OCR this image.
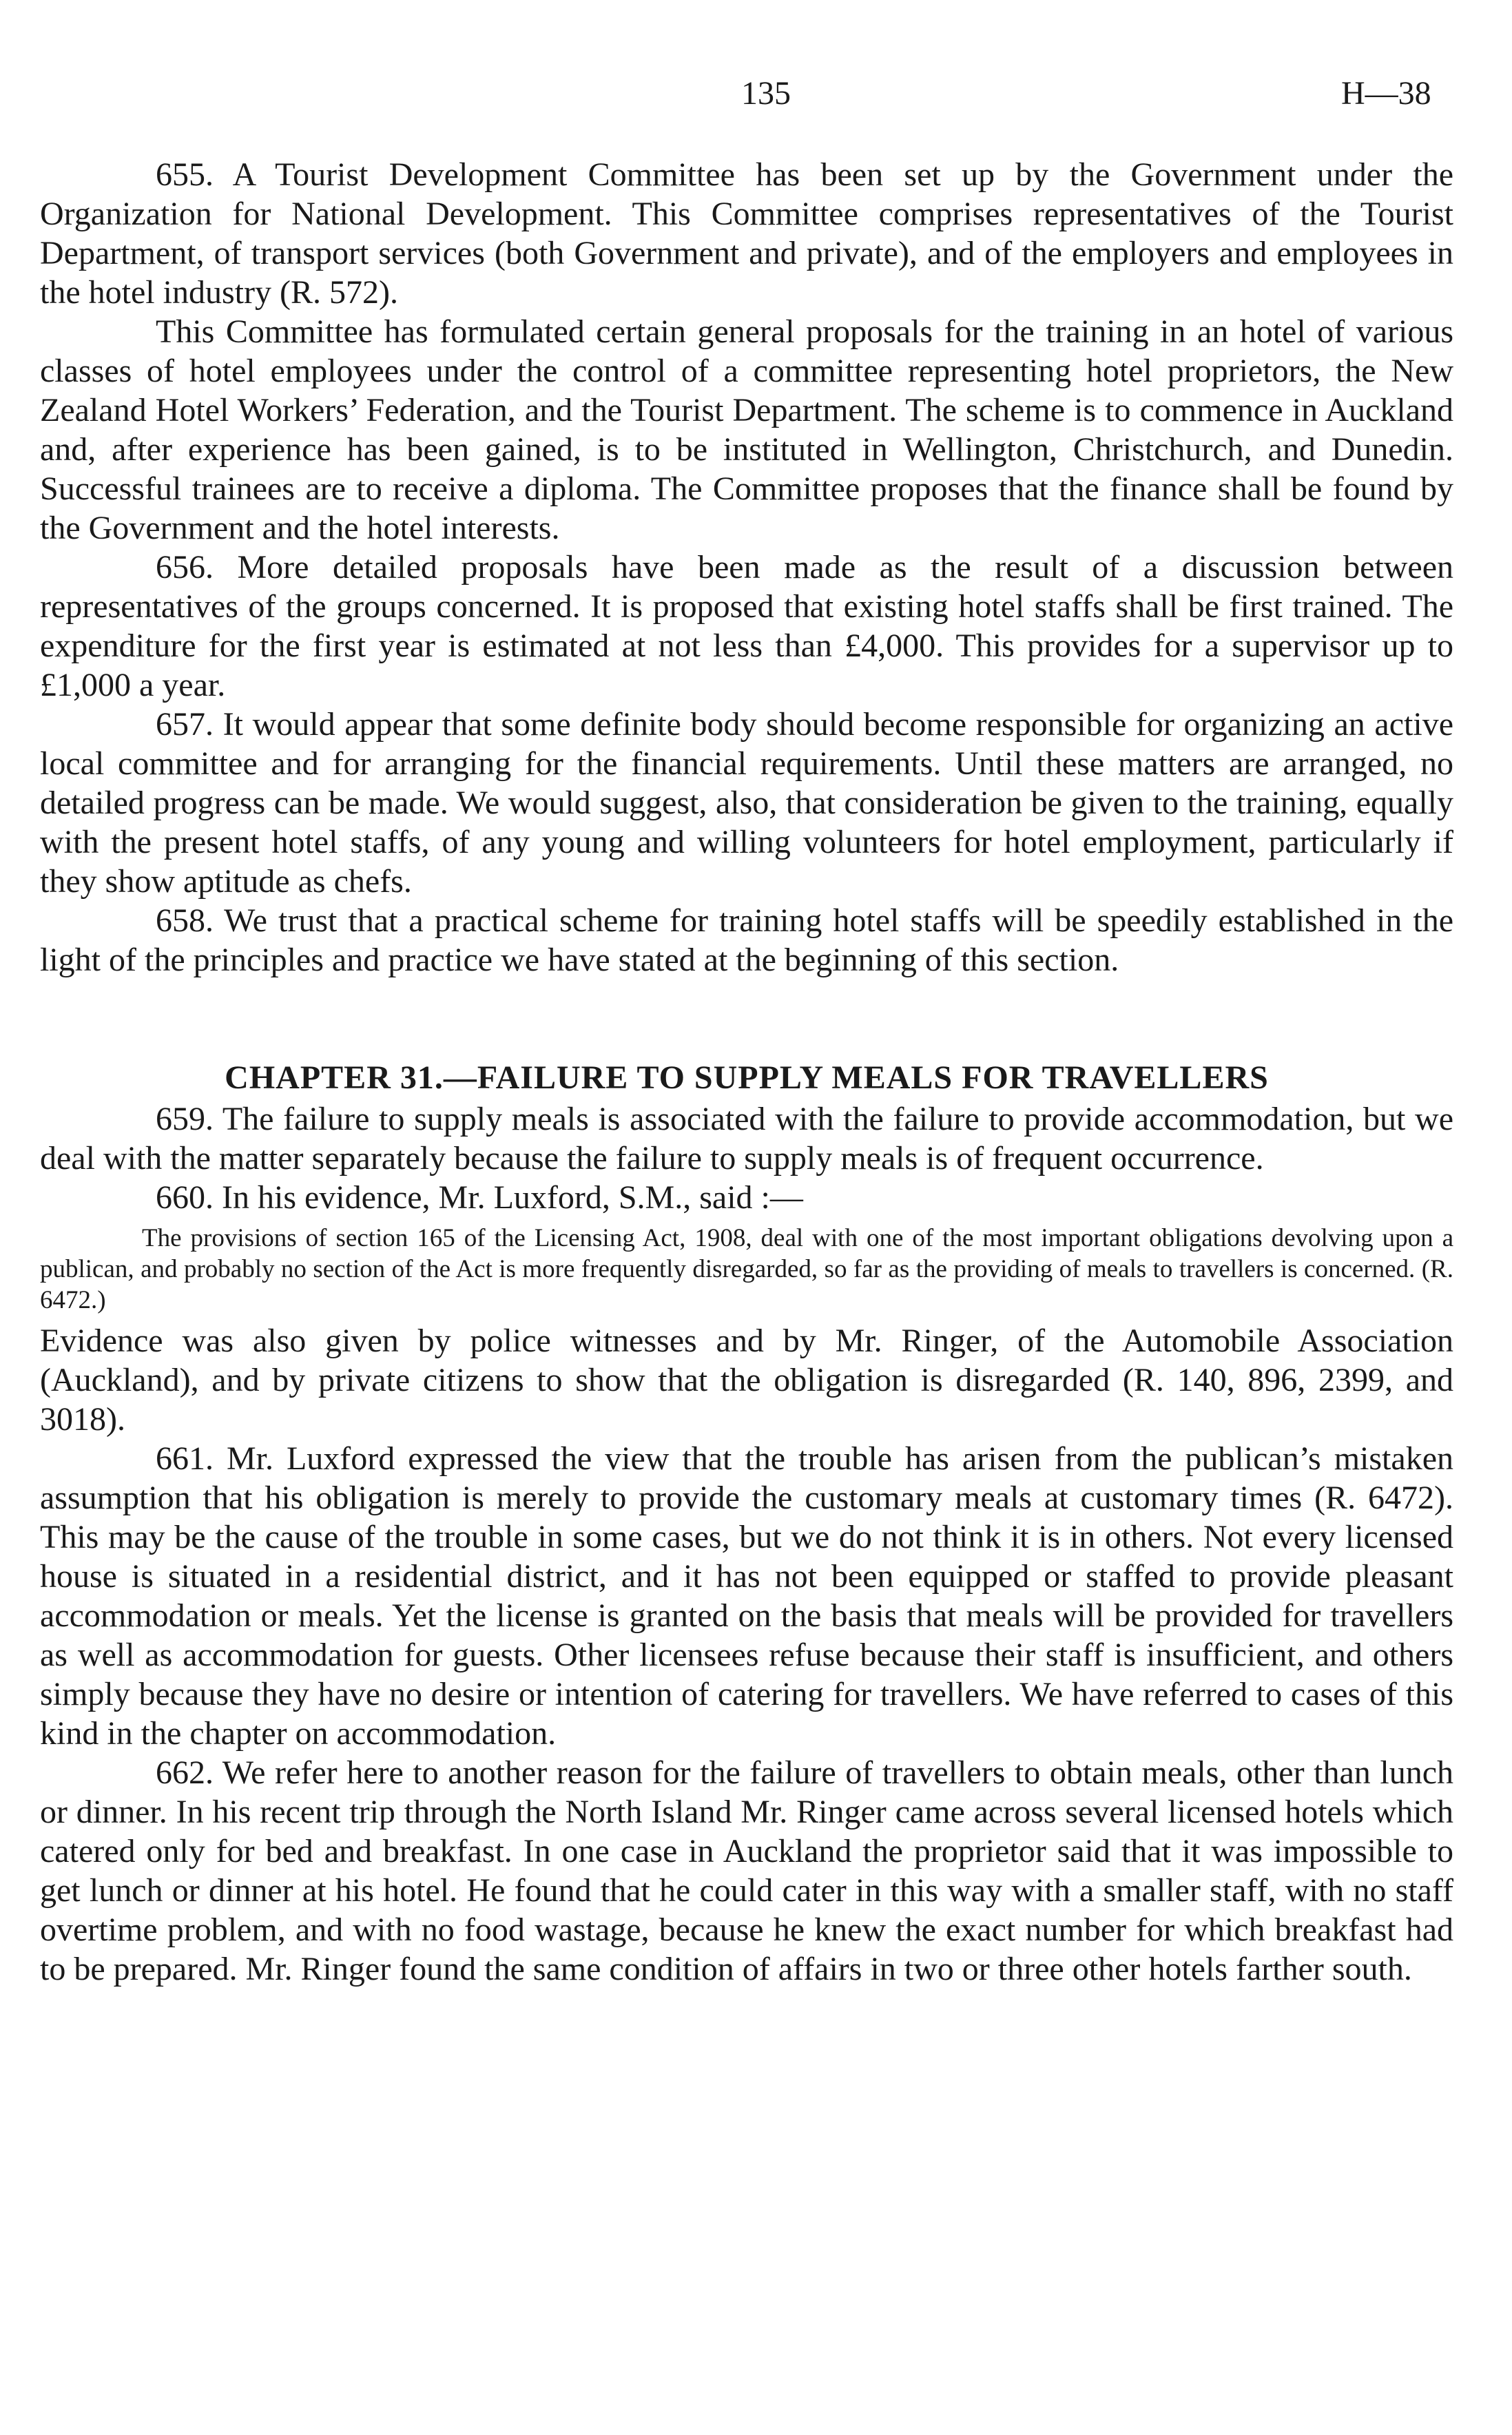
135	H—38

655. A Tourist Development Committee has been set up by the Government under the Organization for National Development. This Committee comprises representatives of the Tourist Department, of transport services (both Government and private), and of the employers and employees in the hotel industry (R. 572).

This Committee has formulated certain general proposals for the training in an hotel of various classes of hotel employees under the control of a committee representing hotel proprietors, the New Zealand Hotel Workers’ Federation, and the Tourist Department. The scheme is to commence in Auckland and, after experience has been gained, is to be instituted in Wellington, Christchurch, and Dunedin. Successful trainees are to receive a diploma. The Committee proposes that the finance shall be found by the Government and the hotel interests.

656. More detailed proposals have been made as the result of a discussion between representatives of the groups concerned. It is proposed that existing hotel staffs shall be first trained. The expenditure for the first year is estimated at not less than £4,000. This provides for a supervisor up to £1,000 a year.

657. It would appear that some definite body should become responsible for organizing an active local committee and for arranging for the financial requirements. Until these matters are arranged, no detailed progress can be made. We would suggest, also, that consideration be given to the training, equally with the present hotel staffs, of any young and willing volunteers for hotel employment, particularly if they show aptitude as chefs.

658. We trust that a practical scheme for training hotel staffs will be speedily established in the light of the principles and practice we have stated at the beginning of this section.

CHAPTER 31.—FAILURE TO SUPPLY MEALS FOR TRAVELLERS

659. The failure to supply meals is associated with the failure to provide accommodation, but we deal with the matter separately because the failure to supply meals is of frequent occurrence.

660. In his evidence, Mr. Luxford, S.M., said :—

The provisions of section 165 of the Licensing Act, 1908, deal with one of the most important obligations devolving upon a publican, and probably no section of the Act is more frequently disregarded, so far as the providing of meals to travellers is concerned. (R. 6472.)

Evidence was also given by police witnesses and by Mr. Ringer, of the Automobile Association (Auckland), and by private citizens to show that the obligation is disregarded (R. 140, 896, 2399, and 3018).

661. Mr. Luxford expressed the view that the trouble has arisen from the publican’s mistaken assumption that his obligation is merely to provide the customary meals at customary times (R. 6472). This may be the cause of the trouble in some cases, but we do not think it is in others. Not every licensed house is situated in a residential district, and it has not been equipped or staffed to provide pleasant accommodation or meals. Yet the license is granted on the basis that meals will be provided for travellers as well as accommodation for guests. Other licensees refuse because their staff is insufficient, and others simply because they have no desire or intention of catering for travellers. We have referred to cases of this kind in the chapter on accommodation.

662. We refer here to another reason for the failure of travellers to obtain meals, other than lunch or dinner. In his recent trip through the North Island Mr. Ringer came across several licensed hotels which catered only for bed and breakfast. In one case in Auckland the proprietor said that it was impossible to get lunch or dinner at his hotel. He found that he could cater in this way with a smaller staff, with no staff overtime problem, and with no food wastage, because he knew the exact number for which breakfast had to be prepared. Mr. Ringer found the same condition of affairs in two or three other hotels farther south.
